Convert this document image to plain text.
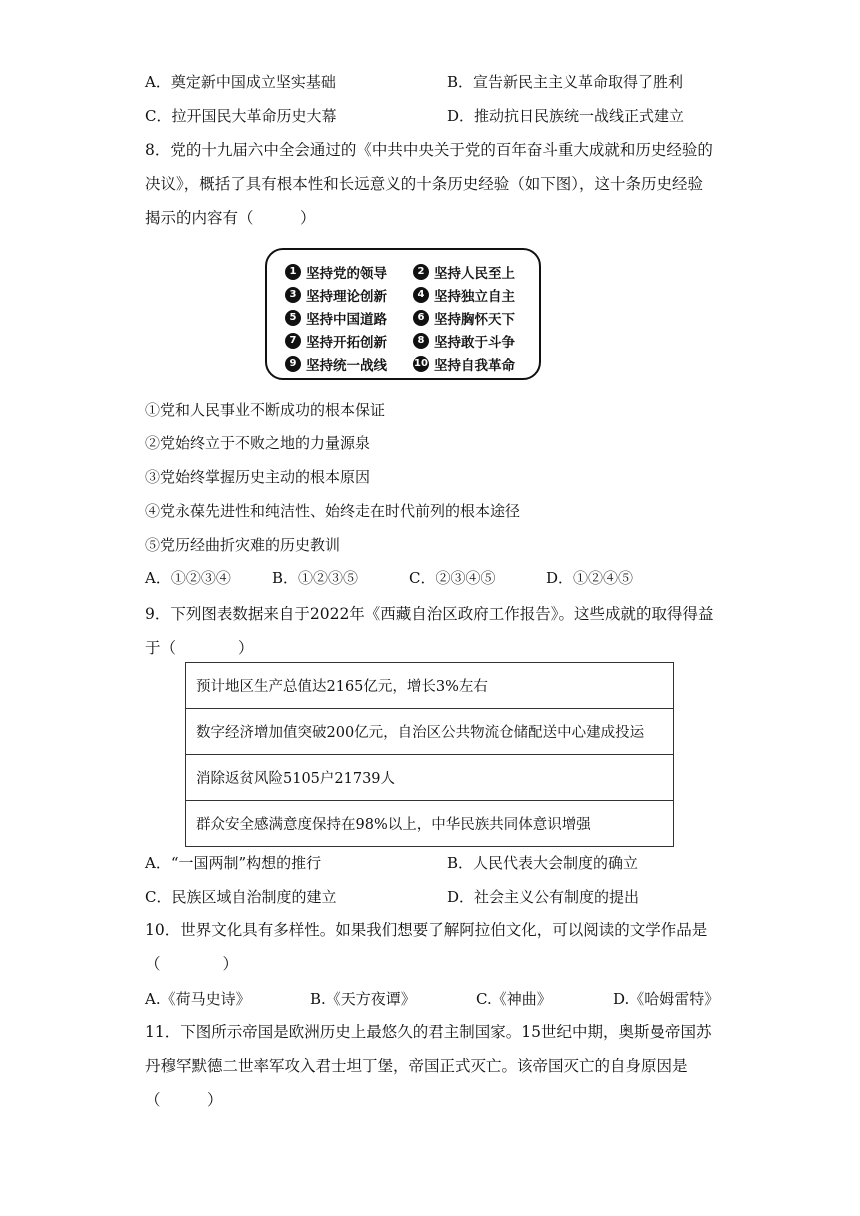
A．奠定新中国成立坚实基础	B．宣告新民主主义革命取得了胜利
C．拉开国民大革命历史大幕	D．推动抗日民族统一战线正式建立
8．党的十九届六中全会通过的《中共中央关于党的百年奋斗重大成就和历史经验的决议》，概括了具有根本性和长远意义的十条历史经验（如下图），这十条历史经验揭示的内容有（　　　）
1 坚持党的领导	2 坚持人民至上
3 坚持理论创新	4 坚持独立自主
5 坚持中国道路	6 坚持胸怀天下
7 坚持开拓创新	8 坚持敢于斗争
9 坚持统一战线	10 坚持自我革命
①党和人民事业不断成功的根本保证
②党始终立于不败之地的力量源泉
③党始终掌握历史主动的根本原因
④党永葆先进性和纯洁性、始终走在时代前列的根本途径
⑤党历经曲折灾难的历史教训
A．①②③④	B．①②③⑤	C．②③④⑤	D．①②④⑤
9．下列图表数据来自于2022年《西藏自治区政府工作报告》。这些成就的取得得益于（　　　　）
预计地区生产总值达2165亿元，增长3%左右
数字经济增加值突破200亿元，自治区公共物流仓储配送中心建成投运
消除返贫风险5105户21739人
群众安全感满意度保持在98%以上，中华民族共同体意识增强
A．“一国两制”构想的推行	B．人民代表大会制度的确立
C．民族区域自治制度的建立	D．社会主义公有制度的提出
10．世界文化具有多样性。如果我们想要了解阿拉伯文化，可以阅读的文学作品是（　　　　）
A.《荷马史诗》	B.《天方夜谭》	C.《神曲》	D.《哈姆雷特》
11．下图所示帝国是欧洲历史上最悠久的君主制国家。15世纪中期，奥斯曼帝国苏丹穆罕默德二世率军攻入君士坦丁堡，帝国正式灭亡。该帝国灭亡的自身原因是（　　　）
